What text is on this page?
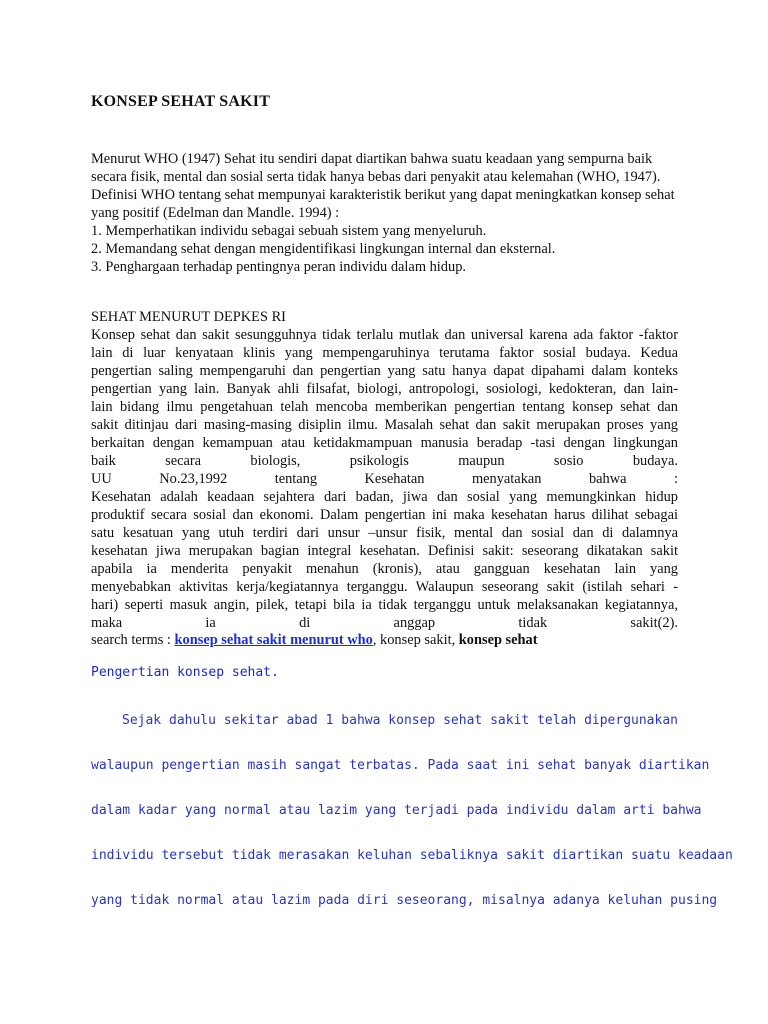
KONSEP SEHAT SAKIT

Menurut WHO (1947) Sehat itu sendiri dapat diartikan bahwa suatu keadaan yang sempurna baik secara fisik, mental dan sosial serta tidak hanya bebas dari penyakit atau kelemahan (WHO, 1947).

Definisi WHO tentang sehat mempunyai karakteristik berikut yang dapat meningkatkan konsep sehat yang positif (Edelman dan Mandle. 1994) :

1. Memperhatikan individu sebagai sebuah sistem yang menyeluruh.

2. Memandang sehat dengan mengidentifikasi lingkungan internal dan eksternal.

3. Penghargaan terhadap pentingnya peran individu dalam hidup.

SEHAT MENURUT DEPKES RI

Konsep sehat dan sakit sesungguhnya tidak terlalu mutlak dan universal karena ada faktor -faktor

lain di luar kenyataan klinis yang mempengaruhinya terutama faktor sosial budaya. Kedua

pengertian saling mempengaruhi dan pengertian yang satu hanya dapat dipahami dalam konteks

pengertian yang lain. Banyak ahli filsafat, biologi, antropologi, sosiologi, kedokteran, dan lain-

lain bidang ilmu pengetahuan telah mencoba memberikan pengertian tentang konsep sehat dan

sakit ditinjau dari masing-masing disiplin ilmu. Masalah sehat dan sakit merupakan proses yang

berkaitan dengan kemampuan atau ketidakmampuan manusia beradap -tasi dengan lingkungan

baik secara biologis, psikologis maupun sosio budaya.

UU No.23,1992 tentang Kesehatan menyatakan bahwa :

Kesehatan adalah keadaan sejahtera dari badan, jiwa dan sosial yang memungkinkan hidup

produktif secara sosial dan ekonomi. Dalam pengertian ini maka kesehatan harus dilihat sebagai

satu kesatuan yang utuh terdiri dari unsur –unsur fisik, mental dan sosial dan di dalamnya

kesehatan jiwa merupakan bagian integral kesehatan. Definisi sakit: seseorang dikatakan sakit

apabila ia menderita penyakit menahun (kronis), atau gangguan kesehatan lain yang

menyebabkan aktivitas kerja/kegiatannya terganggu. Walaupun seseorang sakit (istilah sehari -

hari) seperti masuk angin, pilek, tetapi bila ia tidak terganggu untuk melaksanakan kegiatannya,

maka ia di anggap tidak sakit(2).

search terms : konsep sehat sakit menurut who, konsep sakit, konsep sehat

Pengertian konsep sehat.

Sejak dahulu sekitar abad 1 bahwa konsep sehat sakit telah dipergunakan
walaupun pengertian masih sangat terbatas. Pada saat ini sehat banyak diartikan
dalam kadar yang normal atau lazim yang terjadi pada individu dalam arti bahwa
individu tersebut tidak merasakan keluhan sebaliknya sakit diartikan suatu keadaan
yang tidak normal atau lazim pada diri seseorang, misalnya adanya keluhan pusing
